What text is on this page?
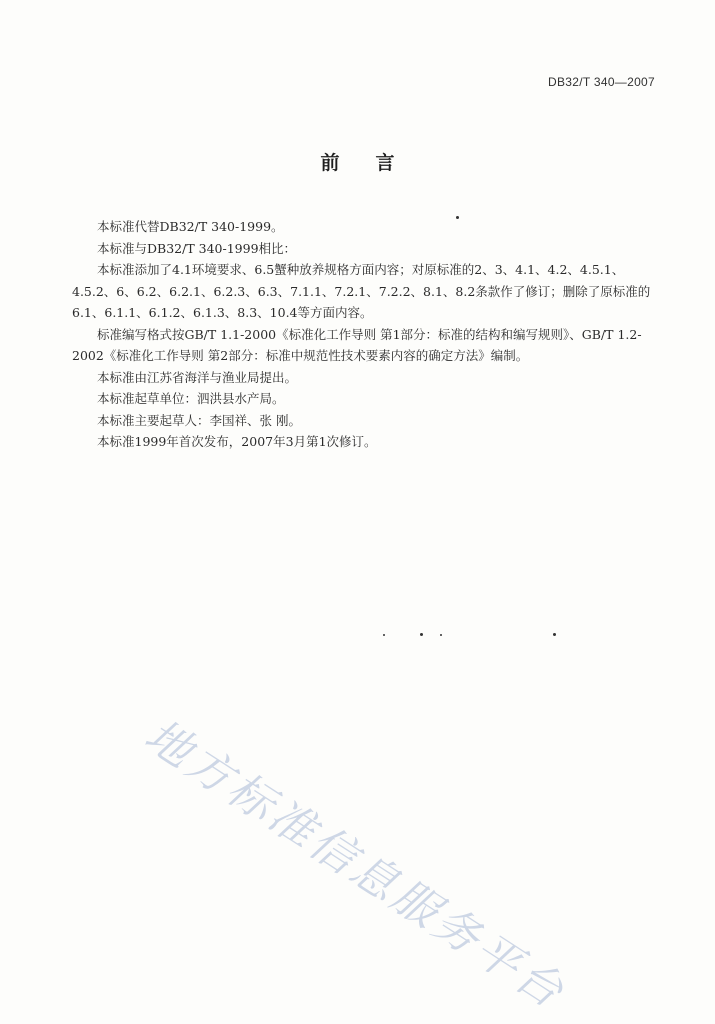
DB32/T 340—2007
前言

本标准代替DB32/T 340-1999。

本标准与DB32/T 340-1999相比：

本标准添加了4.1环境要求、6.5蟹种放养规格方面内容；对原标准的2、3、4.1、4.2、4.5.1、4.5.2、6、6.2、6.2.1、6.2.3、6.3、7.1.1、7.2.1、7.2.2、8.1、8.2条款作了修订；删除了原标准的6.1、6.1.1、6.1.2、6.1.3、8.3、10.4等方面内容。

标准编写格式按GB/T 1.1-2000《标准化工作导则 第1部分：标准的结构和编写规则》、GB/T 1.2-2002《标准化工作导则 第2部分：标准中规范性技术要素内容的确定方法》编制。

本标准由江苏省海洋与渔业局提出。

本标准起草单位：泗洪县水产局。

本标准主要起草人：李国祥、张 刚。

本标准1999年首次发布，2007年3月第1次修订。

地方标准信息服务平台
